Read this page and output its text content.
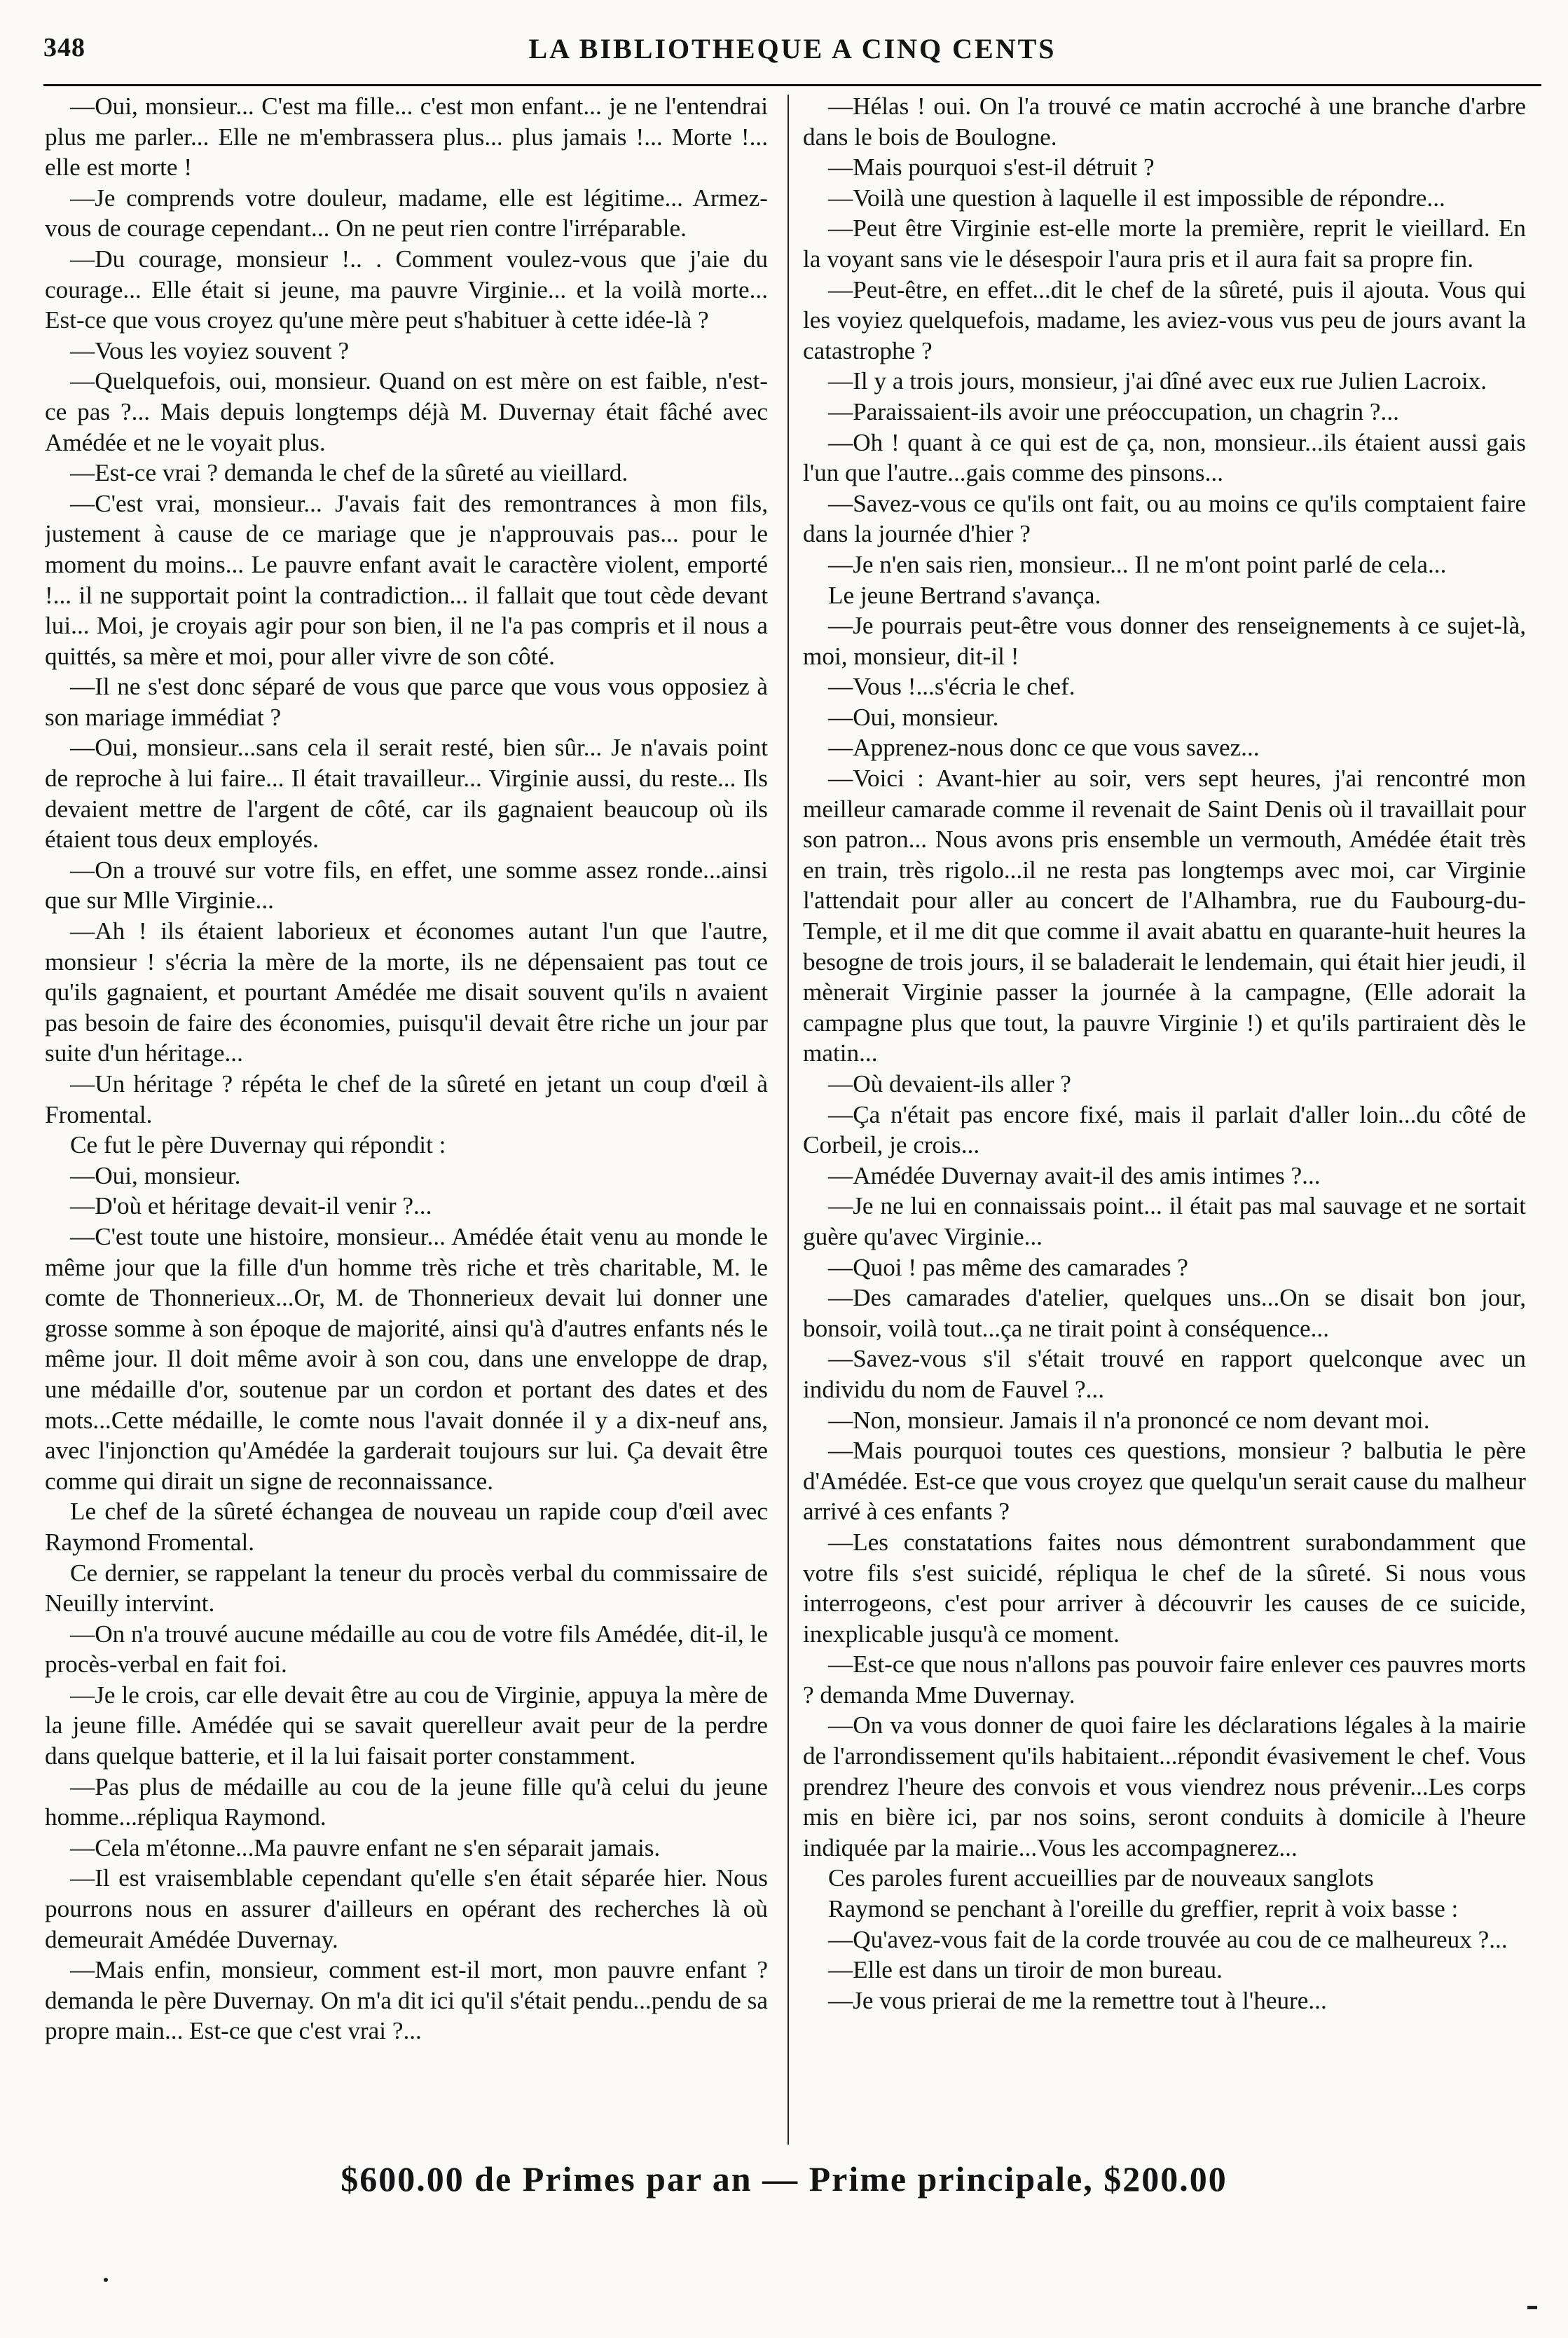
348	LA BIBLIOTHEQUE A CINQ CENTS

—Oui, monsieur... C'est ma fille... c'est mon enfant... je ne l'entendrai plus me parler... Elle ne m'embrassera plus... plus jamais !... Morte !... elle est morte !

—Je comprends votre douleur, madame, elle est légitime... Armez-vous de courage cependant... On ne peut rien contre l'irréparable.

—Du courage, monsieur !.. . Comment voulez-vous que j'aie du courage... Elle était si jeune, ma pauvre Virginie... et la voilà morte... Est-ce que vous croyez qu'une mère peut s'habituer à cette idée-là ?

—Vous les voyiez souvent ?

—Quelquefois, oui, monsieur. Quand on est mère on est faible, n'est-ce pas ?... Mais depuis longtemps déjà M. Duvernay était fâché avec Amédée et ne le voyait plus.

—Est-ce vrai ? demanda le chef de la sûreté au vieillard.

—C'est vrai, monsieur... J'avais fait des remontrances à mon fils, justement à cause de ce mariage que je n'approuvais pas... pour le moment du moins... Le pauvre enfant avait le caractère violent, emporté !... il ne supportait point la contradiction... il fallait que tout cède devant lui... Moi, je croyais agir pour son bien, il ne l'a pas compris et il nous a quittés, sa mère et moi, pour aller vivre de son côté.

—Il ne s'est donc séparé de vous que parce que vous vous opposiez à son mariage immédiat ?

—Oui, monsieur...sans cela il serait resté, bien sûr... Je n'avais point de reproche à lui faire... Il était travailleur... Virginie aussi, du reste... Ils devaient mettre de l'argent de côté, car ils gagnaient beaucoup où ils étaient tous deux employés.

—On a trouvé sur votre fils, en effet, une somme assez ronde...ainsi que sur Mlle Virginie...

—Ah ! ils étaient laborieux et économes autant l'un que l'autre, monsieur ! s'écria la mère de la morte, ils ne dépensaient pas tout ce qu'ils gagnaient, et pourtant Amédée me disait souvent qu'ils n avaient pas besoin de faire des économies, puisqu'il devait être riche un jour par suite d'un héritage...

—Un héritage ? répéta le chef de la sûreté en jetant un coup d'œil à Fromental.

Ce fut le père Duvernay qui répondit :

—Oui, monsieur.

—D'où et héritage devait-il venir ?...

—C'est toute une histoire, monsieur... Amédée était venu au monde le même jour que la fille d'un homme très riche et très charitable, M. le comte de Thonnerieux...Or, M. de Thonnerieux devait lui donner une grosse somme à son époque de majorité, ainsi qu'à d'autres enfants nés le même jour. Il doit même avoir à son cou, dans une enveloppe de drap, une médaille d'or, soutenue par un cordon et portant des dates et des mots...Cette médaille, le comte nous l'avait donnée il y a dix-neuf ans, avec l'injonction qu'Amédée la garderait toujours sur lui. Ça devait être comme qui dirait un signe de reconnaissance.

Le chef de la sûreté échangea de nouveau un rapide coup d'œil avec Raymond Fromental.

Ce dernier, se rappelant la teneur du procès verbal du commissaire de Neuilly intervint.

—On n'a trouvé aucune médaille au cou de votre fils Amédée, dit-il, le procès-verbal en fait foi.

—Je le crois, car elle devait être au cou de Virginie, appuya la mère de la jeune fille. Amédée qui se savait querelleur avait peur de la perdre dans quelque batterie, et il la lui faisait porter constamment.

—Pas plus de médaille au cou de la jeune fille qu'à celui du jeune homme...répliqua Raymond.

—Cela m'étonne...Ma pauvre enfant ne s'en séparait jamais.

—Il est vraisemblable cependant qu'elle s'en était séparée hier. Nous pourrons nous en assurer d'ailleurs en opérant des recherches là où demeurait Amédée Duvernay.

—Mais enfin, monsieur, comment est-il mort, mon pauvre enfant ? demanda le père Duvernay. On m'a dit ici qu'il s'était pendu...pendu de sa propre main... Est-ce que c'est vrai ?...

—Hélas ! oui. On l'a trouvé ce matin accroché à une branche d'arbre dans le bois de Boulogne.

—Mais pourquoi s'est-il détruit ?

—Voilà une question à laquelle il est impossible de répondre...

—Peut être Virginie est-elle morte la première, reprit le vieillard. En la voyant sans vie le désespoir l'aura pris et il aura fait sa propre fin.

—Peut-être, en effet...dit le chef de la sûreté, puis il ajouta. Vous qui les voyiez quelquefois, madame, les aviez-vous vus peu de jours avant la catastrophe ?

—Il y a trois jours, monsieur, j'ai dîné avec eux rue Julien Lacroix.

—Paraissaient-ils avoir une préoccupation, un chagrin ?...

—Oh ! quant à ce qui est de ça, non, monsieur...ils étaient aussi gais l'un que l'autre...gais comme des pinsons...

—Savez-vous ce qu'ils ont fait, ou au moins ce qu'ils comptaient faire dans la journée d'hier ?

—Je n'en sais rien, monsieur... Il ne m'ont point parlé de cela...

Le jeune Bertrand s'avança.

—Je pourrais peut-être vous donner des renseignements à ce sujet-là, moi, monsieur, dit-il !

—Vous !...s'écria le chef.

—Oui, monsieur.

—Apprenez-nous donc ce que vous savez...

—Voici : Avant-hier au soir, vers sept heures, j'ai rencontré mon meilleur camarade comme il revenait de Saint Denis où il travaillait pour son patron... Nous avons pris ensemble un vermouth, Amédée était très en train, très rigolo...il ne resta pas longtemps avec moi, car Virginie l'attendait pour aller au concert de l'Alhambra, rue du Faubourg-du-Temple, et il me dit que comme il avait abattu en quarante-huit heures la besogne de trois jours, il se baladerait le lendemain, qui était hier jeudi, il mènerait Virginie passer la journée à la campagne, (Elle adorait la campagne plus que tout, la pauvre Virginie !) et qu'ils partiraient dès le matin...

—Où devaient-ils aller ?

—Ça n'était pas encore fixé, mais il parlait d'aller loin...du côté de Corbeil, je crois...

—Amédée Duvernay avait-il des amis intimes ?...

—Je ne lui en connaissais point... il était pas mal sauvage et ne sortait guère qu'avec Virginie...

—Quoi ! pas même des camarades ?

—Des camarades d'atelier, quelques uns...On se disait bon jour, bonsoir, voilà tout...ça ne tirait point à conséquence...

—Savez-vous s'il s'était trouvé en rapport quelconque avec un individu du nom de Fauvel ?...

—Non, monsieur. Jamais il n'a prononcé ce nom devant moi.

—Mais pourquoi toutes ces questions, monsieur ? balbutia le père d'Amédée. Est-ce que vous croyez que quelqu'un serait cause du malheur arrivé à ces enfants ?

—Les constatations faites nous démontrent surabondamment que votre fils s'est suicidé, répliqua le chef de la sûreté. Si nous vous interrogeons, c'est pour arriver à découvrir les causes de ce suicide, inexplicable jusqu'à ce moment.

—Est-ce que nous n'allons pas pouvoir faire enlever ces pauvres morts ? demanda Mme Duvernay.

—On va vous donner de quoi faire les déclarations légales à la mairie de l'arrondissement qu'ils habitaient...répondit évasivement le chef. Vous prendrez l'heure des convois et vous viendrez nous prévenir...Les corps mis en bière ici, par nos soins, seront conduits à domicile à l'heure indiquée par la mairie...Vous les accompagnerez...

Ces paroles furent accueillies par de nouveaux sanglots

Raymond se penchant à l'oreille du greffier, reprit à voix basse :

—Qu'avez-vous fait de la corde trouvée au cou de ce malheureux ?...

—Elle est dans un tiroir de mon bureau.

—Je vous prierai de me la remettre tout à l'heure...

$600.00 de Primes par an — Prime principale, $200.00
